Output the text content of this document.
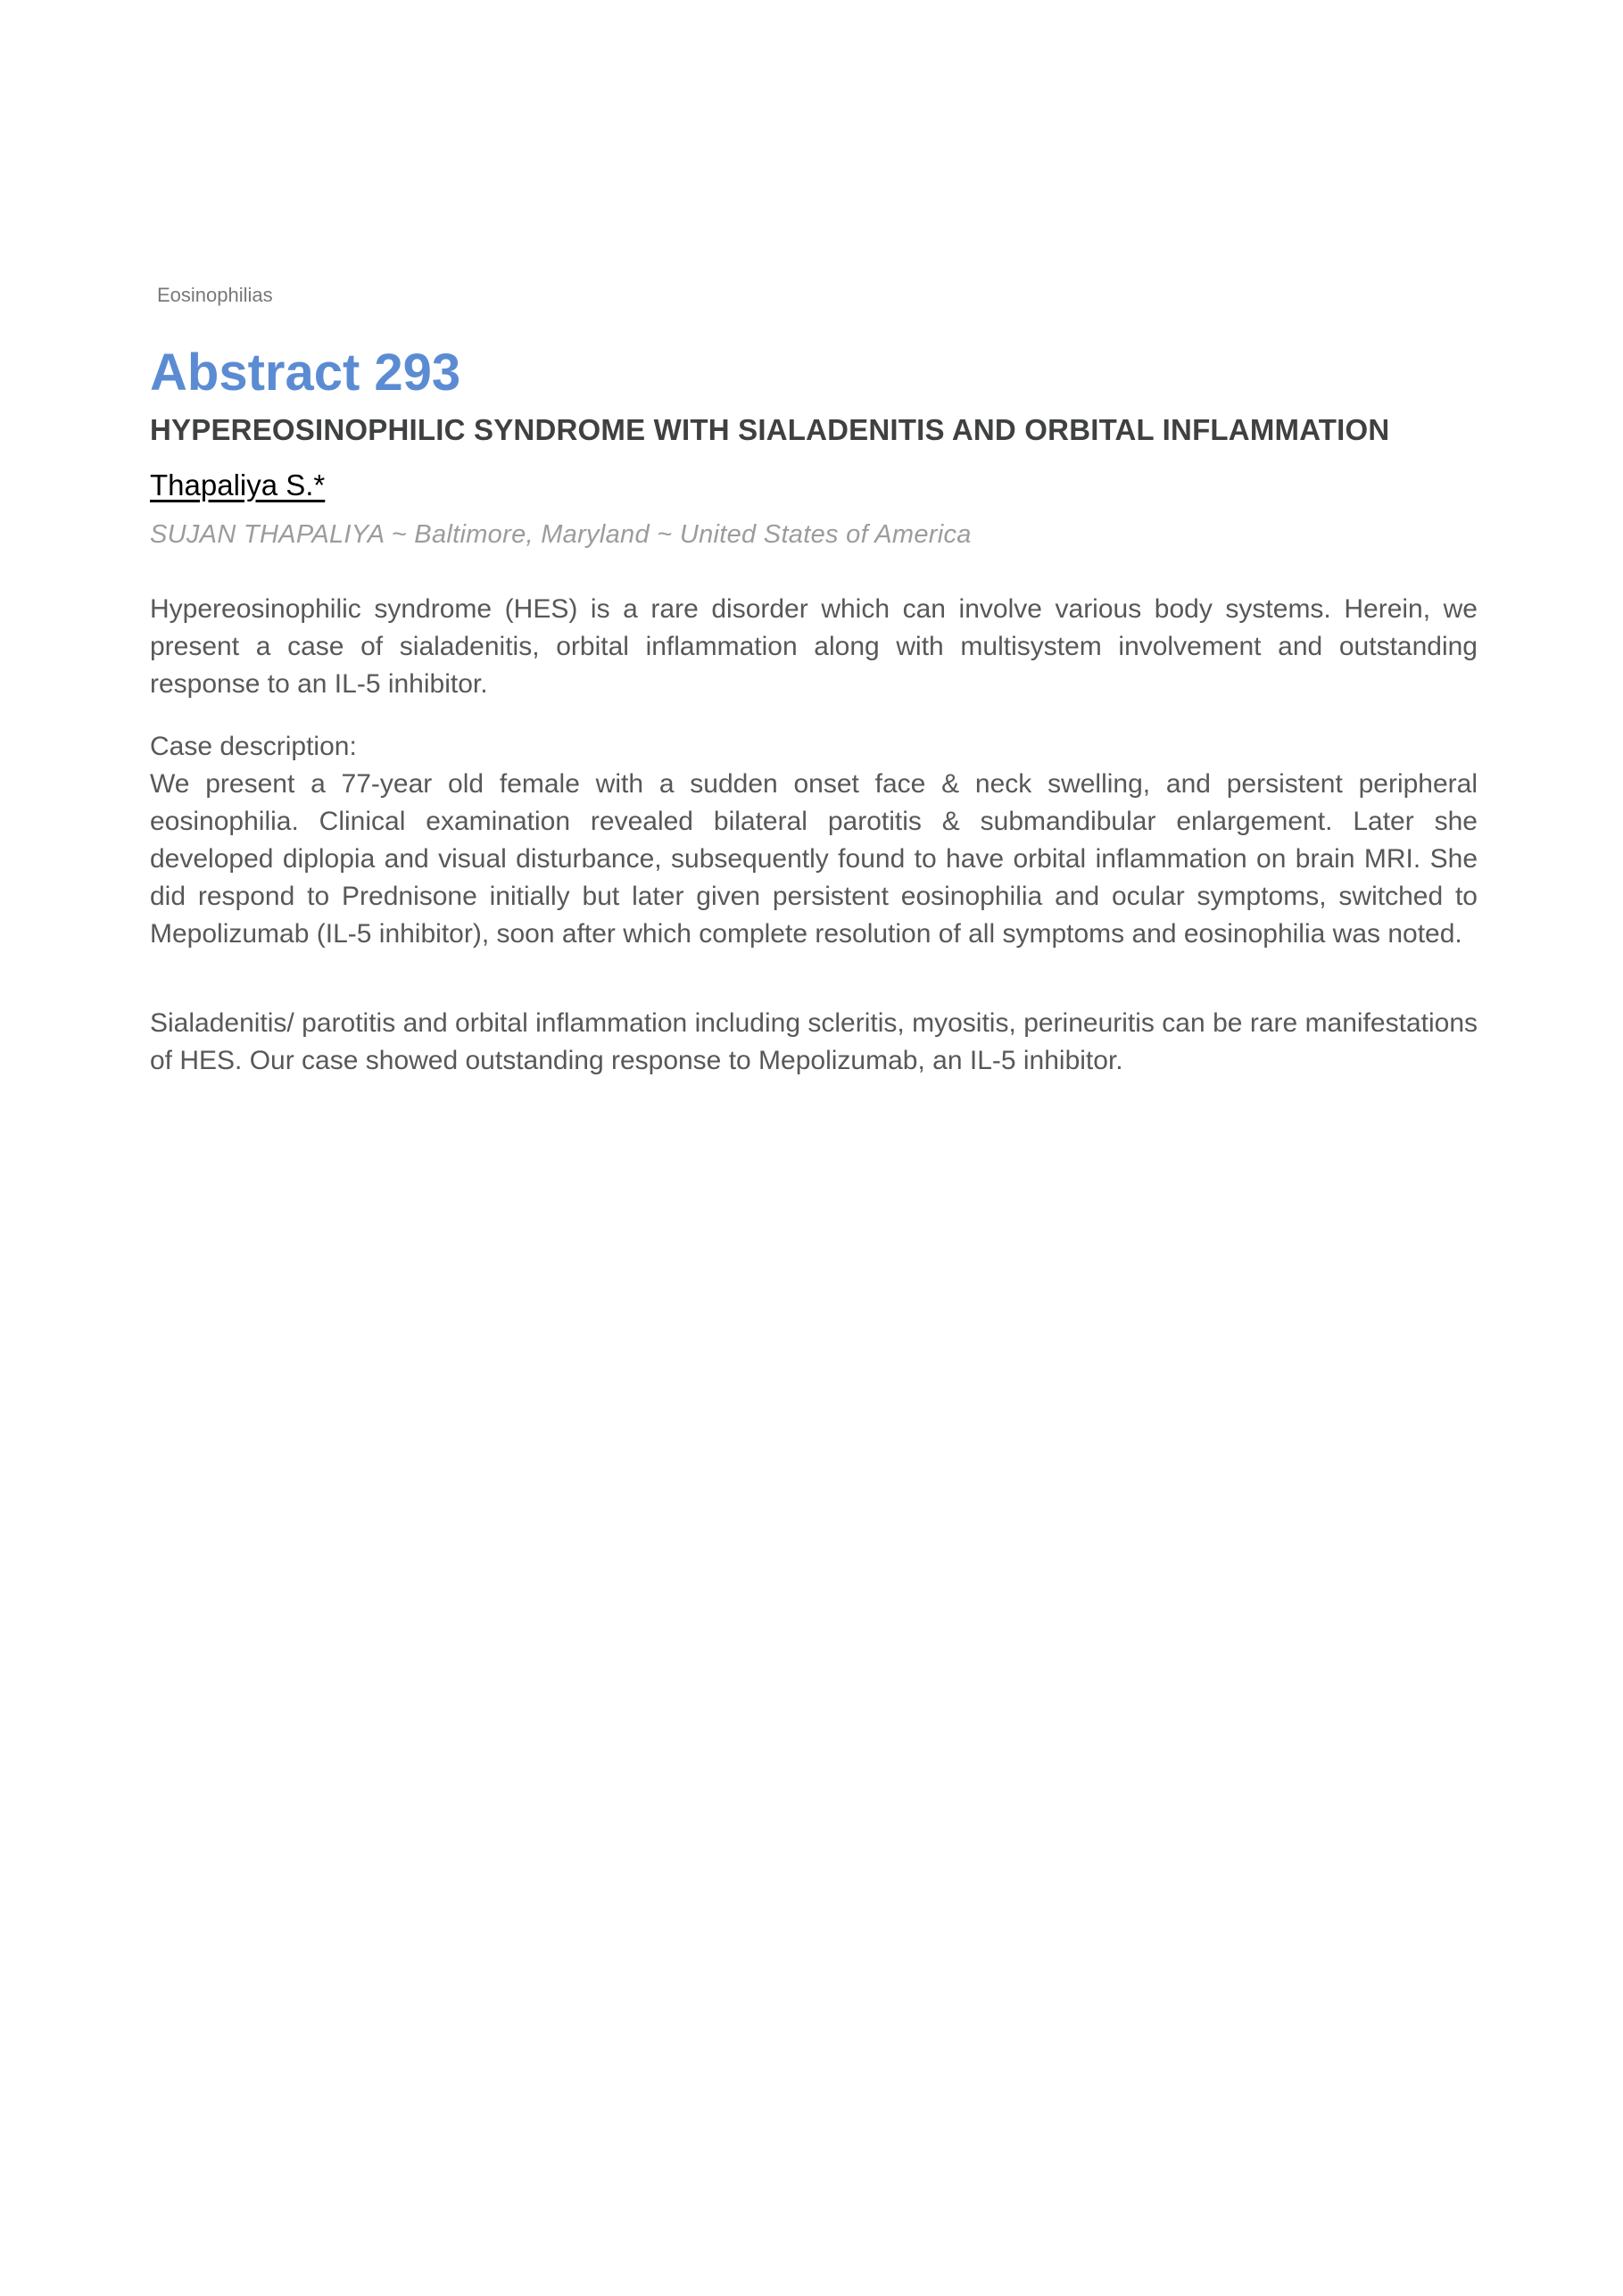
Eosinophilias
Abstract 293
HYPEREOSINOPHILIC SYNDROME WITH SIALADENITIS AND ORBITAL INFLAMMATION
Thapaliya S.*
SUJAN THAPALIYA ~ Baltimore, Maryland ~ United States of America

Hypereosinophilic syndrome (HES) is a rare disorder which can involve various body systems. Herein, we present a case of sialadenitis, orbital inflammation along with multisystem involvement and outstanding response to an IL-5 inhibitor.

Case description:

We present a 77-year old female with a sudden onset face & neck swelling, and persistent peripheral eosinophilia. Clinical examination revealed bilateral parotitis & submandibular enlargement. Later she developed diplopia and visual disturbance, subsequently found to have orbital inflammation on brain MRI. She did respond to Prednisone initially but later given persistent eosinophilia and ocular symptoms, switched to Mepolizumab (IL-5 inhibitor), soon after which complete resolution of all symptoms and eosinophilia was noted.

Sialadenitis/ parotitis and orbital inflammation including scleritis, myositis, perineuritis can be rare manifestations of HES. Our case showed outstanding response to Mepolizumab, an IL-5 inhibitor.
